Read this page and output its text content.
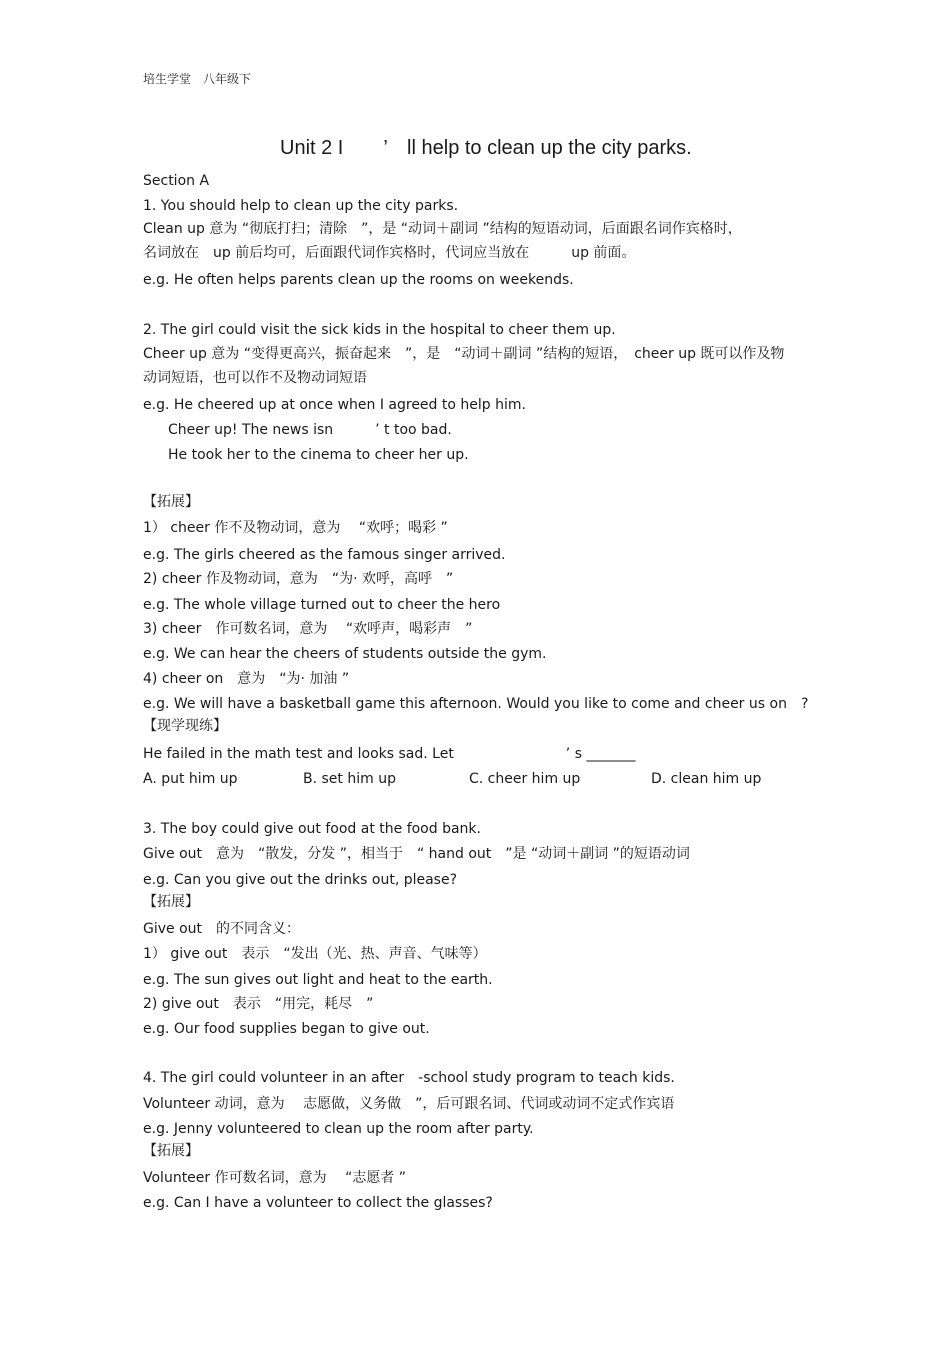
培生学堂　八年级下
Unit 2 I　　’　ll help to clean up the city parks.
Section A
1. You should help to clean up the city parks.
Clean up 意为 “彻底打扫；清除　”，是 “动词＋副词 ”结构的短语动词，后面跟名词作宾格时，
名词放在　up 前后均可，后面跟代词作宾格时，代词应当放在　　　up 前面。
e.g. He often helps parents clean up the rooms on weekends.
2. The girl could visit the sick kids in the hospital to cheer them up.
Cheer up 意为 “变得更高兴，振奋起来　”，是　“动词＋副词 ”结构的短语，　cheer up 既可以作及物
动词短语，也可以作不及物动词短语
e.g. He cheered up at once when I agreed to help him.
Cheer up! The news isn　　　’ t too bad.
He took her to the cinema to cheer her up.
【拓展】
1） cheer 作不及物动词，意为　 “欢呼；喝彩 ”
e.g. The girls cheered as the famous singer arrived.
2) cheer 作及物动词，意为　“为· 欢呼，高呼　”
e.g. The whole village turned out to cheer the hero
3) cheer　作可数名词，意为　 “欢呼声，喝彩声　”
e.g. We can hear the cheers of students outside the gym.
4) cheer on　意为　“为· 加油 ”
e.g. We will have a basketball game this afternoon. Would you like to come and cheer us on　?
【现学现练】
He failed in the math test and looks sad. Let　　　　　　　　’ s _______
A. put him up	B. set him up	C. cheer him up	D. clean him up
3. The boy could give out food at the food bank.
Give out　意为　“散发，分发 ”，相当于　“ hand out　”是 “动词＋副词 ”的短语动词
e.g. Can you give out the drinks out, please?
【拓展】
Give out　的不同含义：
1） give out　表示　“发出（光、热、声音、气味等）
e.g. The sun gives out light and heat to the earth.
2) give out　表示　“用完，耗尽　”
e.g. Our food supplies began to give out.
4. The girl could volunteer in an after　-school study program to teach kids.
Volunteer 动词，意为　 志愿做，义务做　”，后可跟名词、代词或动词不定式作宾语
e.g. Jenny volunteered to clean up the room after party.
【拓展】
Volunteer 作可数名词，意为　 “志愿者 ”
e.g. Can I have a volunteer to collect the glasses?
